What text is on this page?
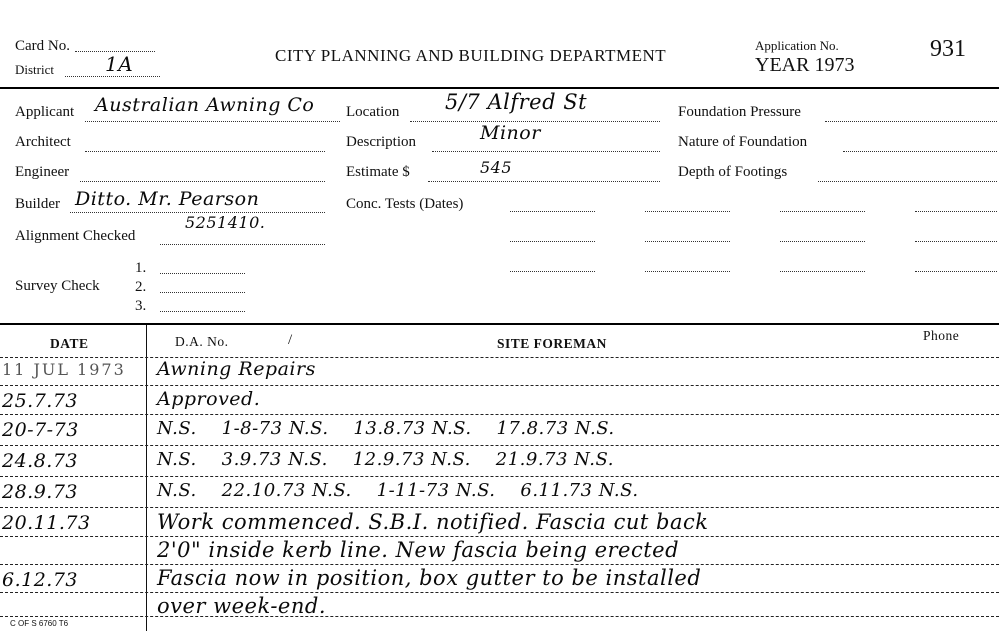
Card No.
District	1A	CITY PLANNING AND BUILDING DEPARTMENT
Application No.
YEAR 1973
931
Applicant Australian Awning Co
Architect
Engineer
Builder Ditto. Mr. Pearson
Alignment Checked
5251410.
Survey Check
1.
2.
3.
Location 5/7 Alfred St
Description	Minor
Estimate $	545
Conc. Tests (Dates)
Foundation Pressure
Nature of Foundation
Depth of Footings
DATE	D.A. No.	/	SITE FOREMAN
Phone
11 JUL 1973 Awning Repairs
25.7.73	Approved.
20-7-73	N.S.    1-8-73 N.S.    13.8.73 N.S.    17.8.73 N.S.
24.8.73	N.S.    3.9.73 N.S.    12.9.73 N.S.    21.9.73 N.S.
28.9.73	N.S.    22.10.73 N.S.    1-11-73 N.S.    6.11.73 N.S.
20.11.73	Work commenced. S.B.I. notified. Fascia cut back
2'0" inside kerb line. New fascia being erected
6.12.73	Fascia now in position, box gutter to be installed
over week-end.
C OF S 6760 T6
